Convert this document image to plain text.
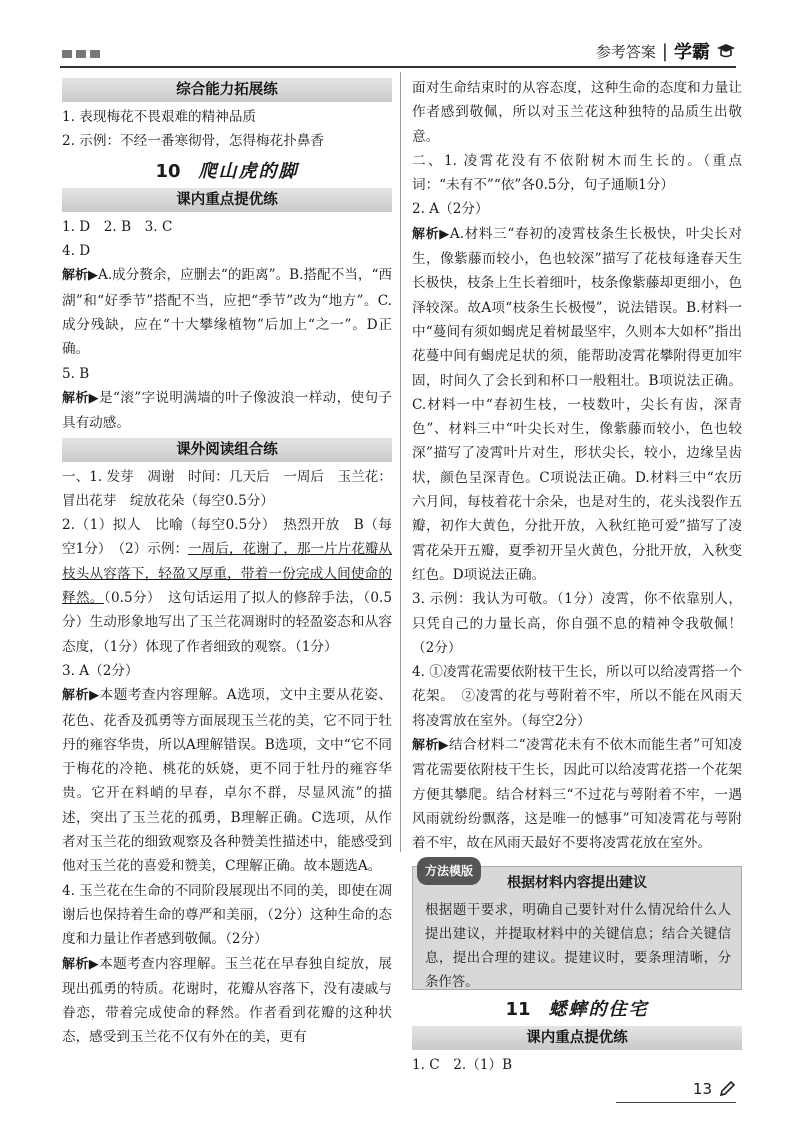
参考答案 | 学霸
综合能力拓展练

1. 表现梅花不畏艰难的精神品质

2. 示例：不经一番寒彻骨，怎得梅花扑鼻香

10 爬山虎的脚
课内重点提优练

1. D　2. B　3. C

4. D

解析▶A.成分赘余，应删去“的距离”。B.搭配不当，“西湖”和“好季节”搭配不当，应把“季节”改为“地方”。C.成分残缺，应在“十大攀缘植物”后加上“之一”。D正确。

5. B

解析▶是“滚”字说明满墙的叶子像波浪一样动，使句子具有动感。

课外阅读组合练

一、1. 发芽　凋谢　时间：几天后　一周后　玉兰花：冒出花芽　绽放花朵（每空0.5分）

2.（1）拟人　比喻（每空0.5分）　热烈开放　B（每空1分）　（2）示例：一周后，花谢了，那一片片花瓣从枝头从容落下，轻盈又厚重，带着一份完成人间使命的释然。（0.5分）　这句话运用了拟人的修辞手法，（0.5分）生动形象地写出了玉兰花凋谢时的轻盈姿态和从容态度，（1分）体现了作者细致的观察。（1分）

3. A（2分）

解析▶本题考查内容理解。A选项，文中主要从花姿、花色、花香及孤勇等方面展现玉兰花的美，它不同于牡丹的雍容华贵，所以A理解错误。B选项，文中“它不同于梅花的冷艳、桃花的妖娆，更不同于牡丹的雍容华贵。它开在料峭的早春，卓尔不群，尽显风流”的描述，突出了玉兰花的孤勇，B理解正确。C选项，从作者对玉兰花的细致观察及各种赞美性描述中，能感受到他对玉兰花的喜爱和赞美，C理解正确。故本题选A。

4. 玉兰花在生命的不同阶段展现出不同的美，即使在凋谢后也保持着生命的尊严和美丽，（2分）这种生命的态度和力量让作者感到敬佩。（2分）

解析▶本题考查内容理解。玉兰花在早春独自绽放，展现出孤勇的特质。花谢时，花瓣从容落下，没有凄戚与眷恋，带着完成使命的释然。作者看到花瓣的这种状态，感受到玉兰花不仅有外在的美，更有

面对生命结束时的从容态度，这种生命的态度和力量让作者感到敬佩，所以对玉兰花这种独特的品质生出敬意。

二、1. 凌霄花没有不依附树木而生长的。（重点词：“未有不”“依”各0.5分，句子通顺1分）

2. A（2分）

解析▶A.材料三“春初的凌霄枝条生长极快，叶尖长对生，像紫藤而较小，色也较深”描写了花枝每逢春天生长极快，枝条上生长着细叶，枝条像紫藤却更细小，色泽较深。故A项“枝条生长极慢”，说法错误。B.材料一中“蔓间有须如蝎虎足着树最坚牢，久则本大如杯”指出花蔓中间有蝎虎足状的须，能帮助凌霄花攀附得更加牢固，时间久了会长到和杯口一般粗壮。B项说法正确。C.材料一中“春初生枝，一枝数叶，尖长有齿，深青色”、材料三中“叶尖长对生，像紫藤而较小，色也较深”描写了凌霄叶片对生，形状尖长，较小，边缘呈齿状，颜色呈深青色。C项说法正确。D.材料三中“农历六月间，每枝着花十余朵，也是对生的，花头浅裂作五瓣，初作大黄色，分批开放，入秋红艳可爱”描写了凌霄花朵开五瓣，夏季初开呈火黄色，分批开放，入秋变红色。D项说法正确。

3. 示例：我认为可敬。（1分）凌霄，你不依靠别人，只凭自己的力量长高，你自强不息的精神令我敬佩！（2分）

4. ①凌霄花需要依附枝干生长，所以可以给凌霄搭一个花架。　②凌霄的花与萼附着不牢，所以不能在风雨天将凌霄放在室外。（每空2分）

解析▶结合材料二“凌霄花未有不依木而能生者”可知凌霄花需要依附枝干生长，因此可以给凌霄花搭一个花架方便其攀爬。结合材料三“不过花与萼附着不牢，一遇风雨就纷纷飘落，这是唯一的憾事”可知凌霄花与萼附着不牢，故在风雨天最好不要将凌霄花放在室外。

方法模版
根据材料内容提出建议

根据题干要求，明确自己要针对什么情况给什么人提出建议，并提取材料中的关键信息；结合关键信息，提出合理的建议。提建议时，要条理清晰，分条作答。

11 蟋蟀的住宅
课内重点提优练

1. C　2.（1）B

13
